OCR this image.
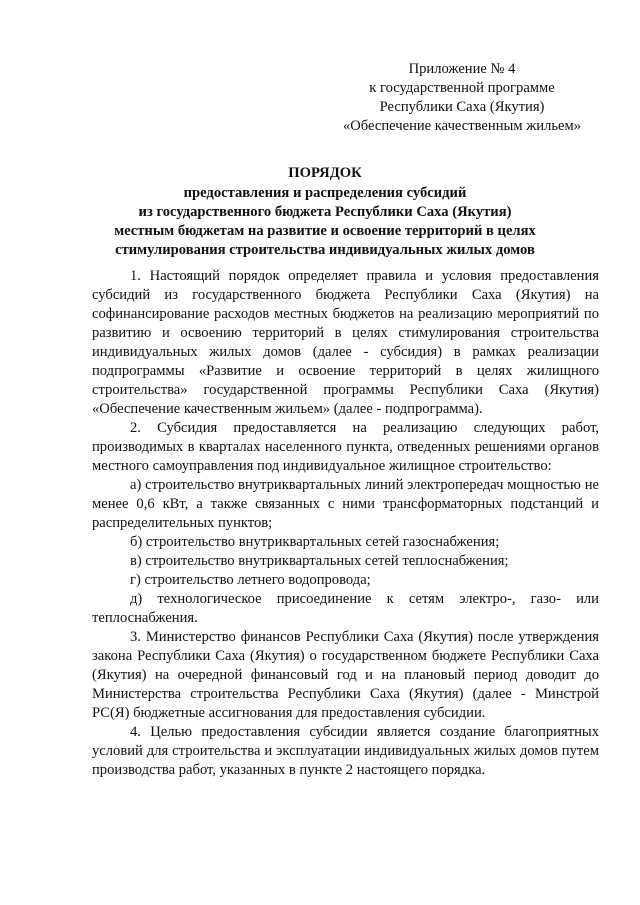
Приложение № 4
к государственной программе
Республики Саха (Якутия)
«Обеспечение качественным жильем»
ПОРЯДОК
предоставления и распределения субсидий
из государственного бюджета Республики Саха (Якутия)
местным бюджетам на развитие и освоение территорий в целях
стимулирования строительства индивидуальных жилых домов

1. Настоящий порядок определяет правила и условия предоставления субсидий из государственного бюджета Республики Саха (Якутия) на софинансирование расходов местных бюджетов на реализацию мероприятий по развитию и освоению территорий в целях стимулирования строительства индивидуальных жилых домов (далее - субсидия) в рамках реализации подпрограммы «Развитие и освоение территорий в целях жилищного строительства» государственной программы Республики Саха (Якутия) «Обеспечение качественным жильем» (далее - подпрограмма).

2. Субсидия предоставляется на реализацию следующих работ, производимых в кварталах населенного пункта, отведенных решениями органов местного самоуправления под индивидуальное жилищное строительство:

а) строительство внутриквартальных линий электропередач мощностью не менее 0,6 кВт, а также связанных с ними трансформаторных подстанций и распределительных пунктов;

б) строительство внутриквартальных сетей газоснабжения;

в) строительство внутриквартальных сетей теплоснабжения;

г) строительство летнего водопровода;

д) технологическое присоединение к сетям электро-, газо- или теплоснабжения.

3. Министерство финансов Республики Саха (Якутия) после утверждения закона Республики Саха (Якутия) о государственном бюджете Республики Саха (Якутия) на очередной финансовый год и на плановый период доводит до Министерства строительства Республики Саха (Якутия) (далее - Минстрой РС(Я) бюджетные ассигнования для предоставления субсидии.

4. Целью предоставления субсидии является создание благоприятных условий для строительства и эксплуатации индивидуальных жилых домов путем производства работ, указанных в пункте 2 настоящего порядка.
